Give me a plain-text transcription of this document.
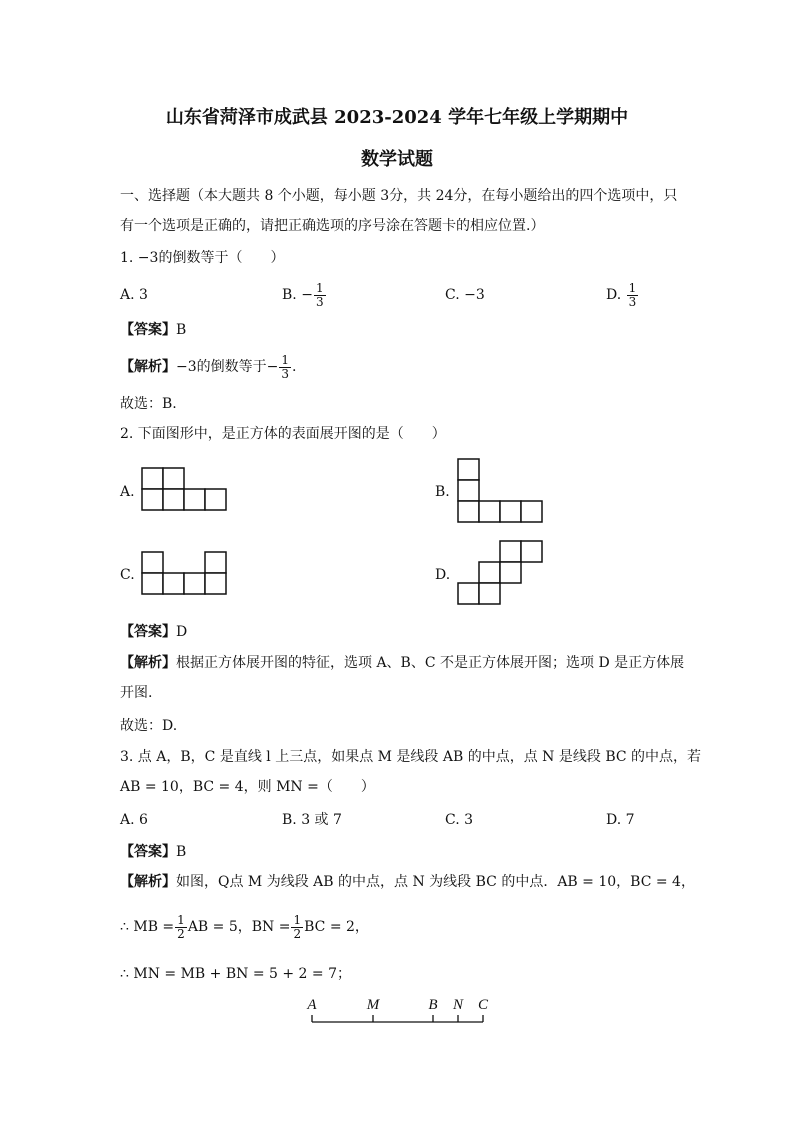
山东省菏泽市成武县 2023-2024 学年七年级上学期期中
数学试题
一、选择题（本大题共 8 个小题，每小题 3分，共 24分，在每小题给出的四个选项中，只
有一个选项是正确的，请把正确选项的序号涂在答题卡的相应位置.）
1. −3的倒数等于（　　）
A. 3	B. − $\frac{1}{3}$	C. −3	D. $\frac{1}{3}$
【答案】B
【解析】−3的倒数等于− $\frac{1}{3}$ .
故选：B.
2. 下面图形中，是正方体的表面展开图的是（　　）
A.	B.
C.	D.
【答案】D
【解析】根据正方体展开图的特征，选项 A、B、C 不是正方体展开图；选项 D 是正方体展
开图.
故选：D.
3. 点 A，B，C 是直线 l 上三点，如果点 M 是线段 AB 的中点，点 N 是线段 BC 的中点，若
AB = 10，BC = 4，则 MN =（　　）
A. 6	B. 3 或 7	C. 3	D. 7
【答案】B
【解析】如图，Q点 M 为线段 AB 的中点，点 N 为线段 BC 的中点．AB = 10，BC = 4，
∴ MB = $\frac{1}{2}$ AB = 5，BN = $\frac{1}{2}$ BC = 2，
∴ MN = MB + BN = 5 + 2 = 7；
A	M	B N C
